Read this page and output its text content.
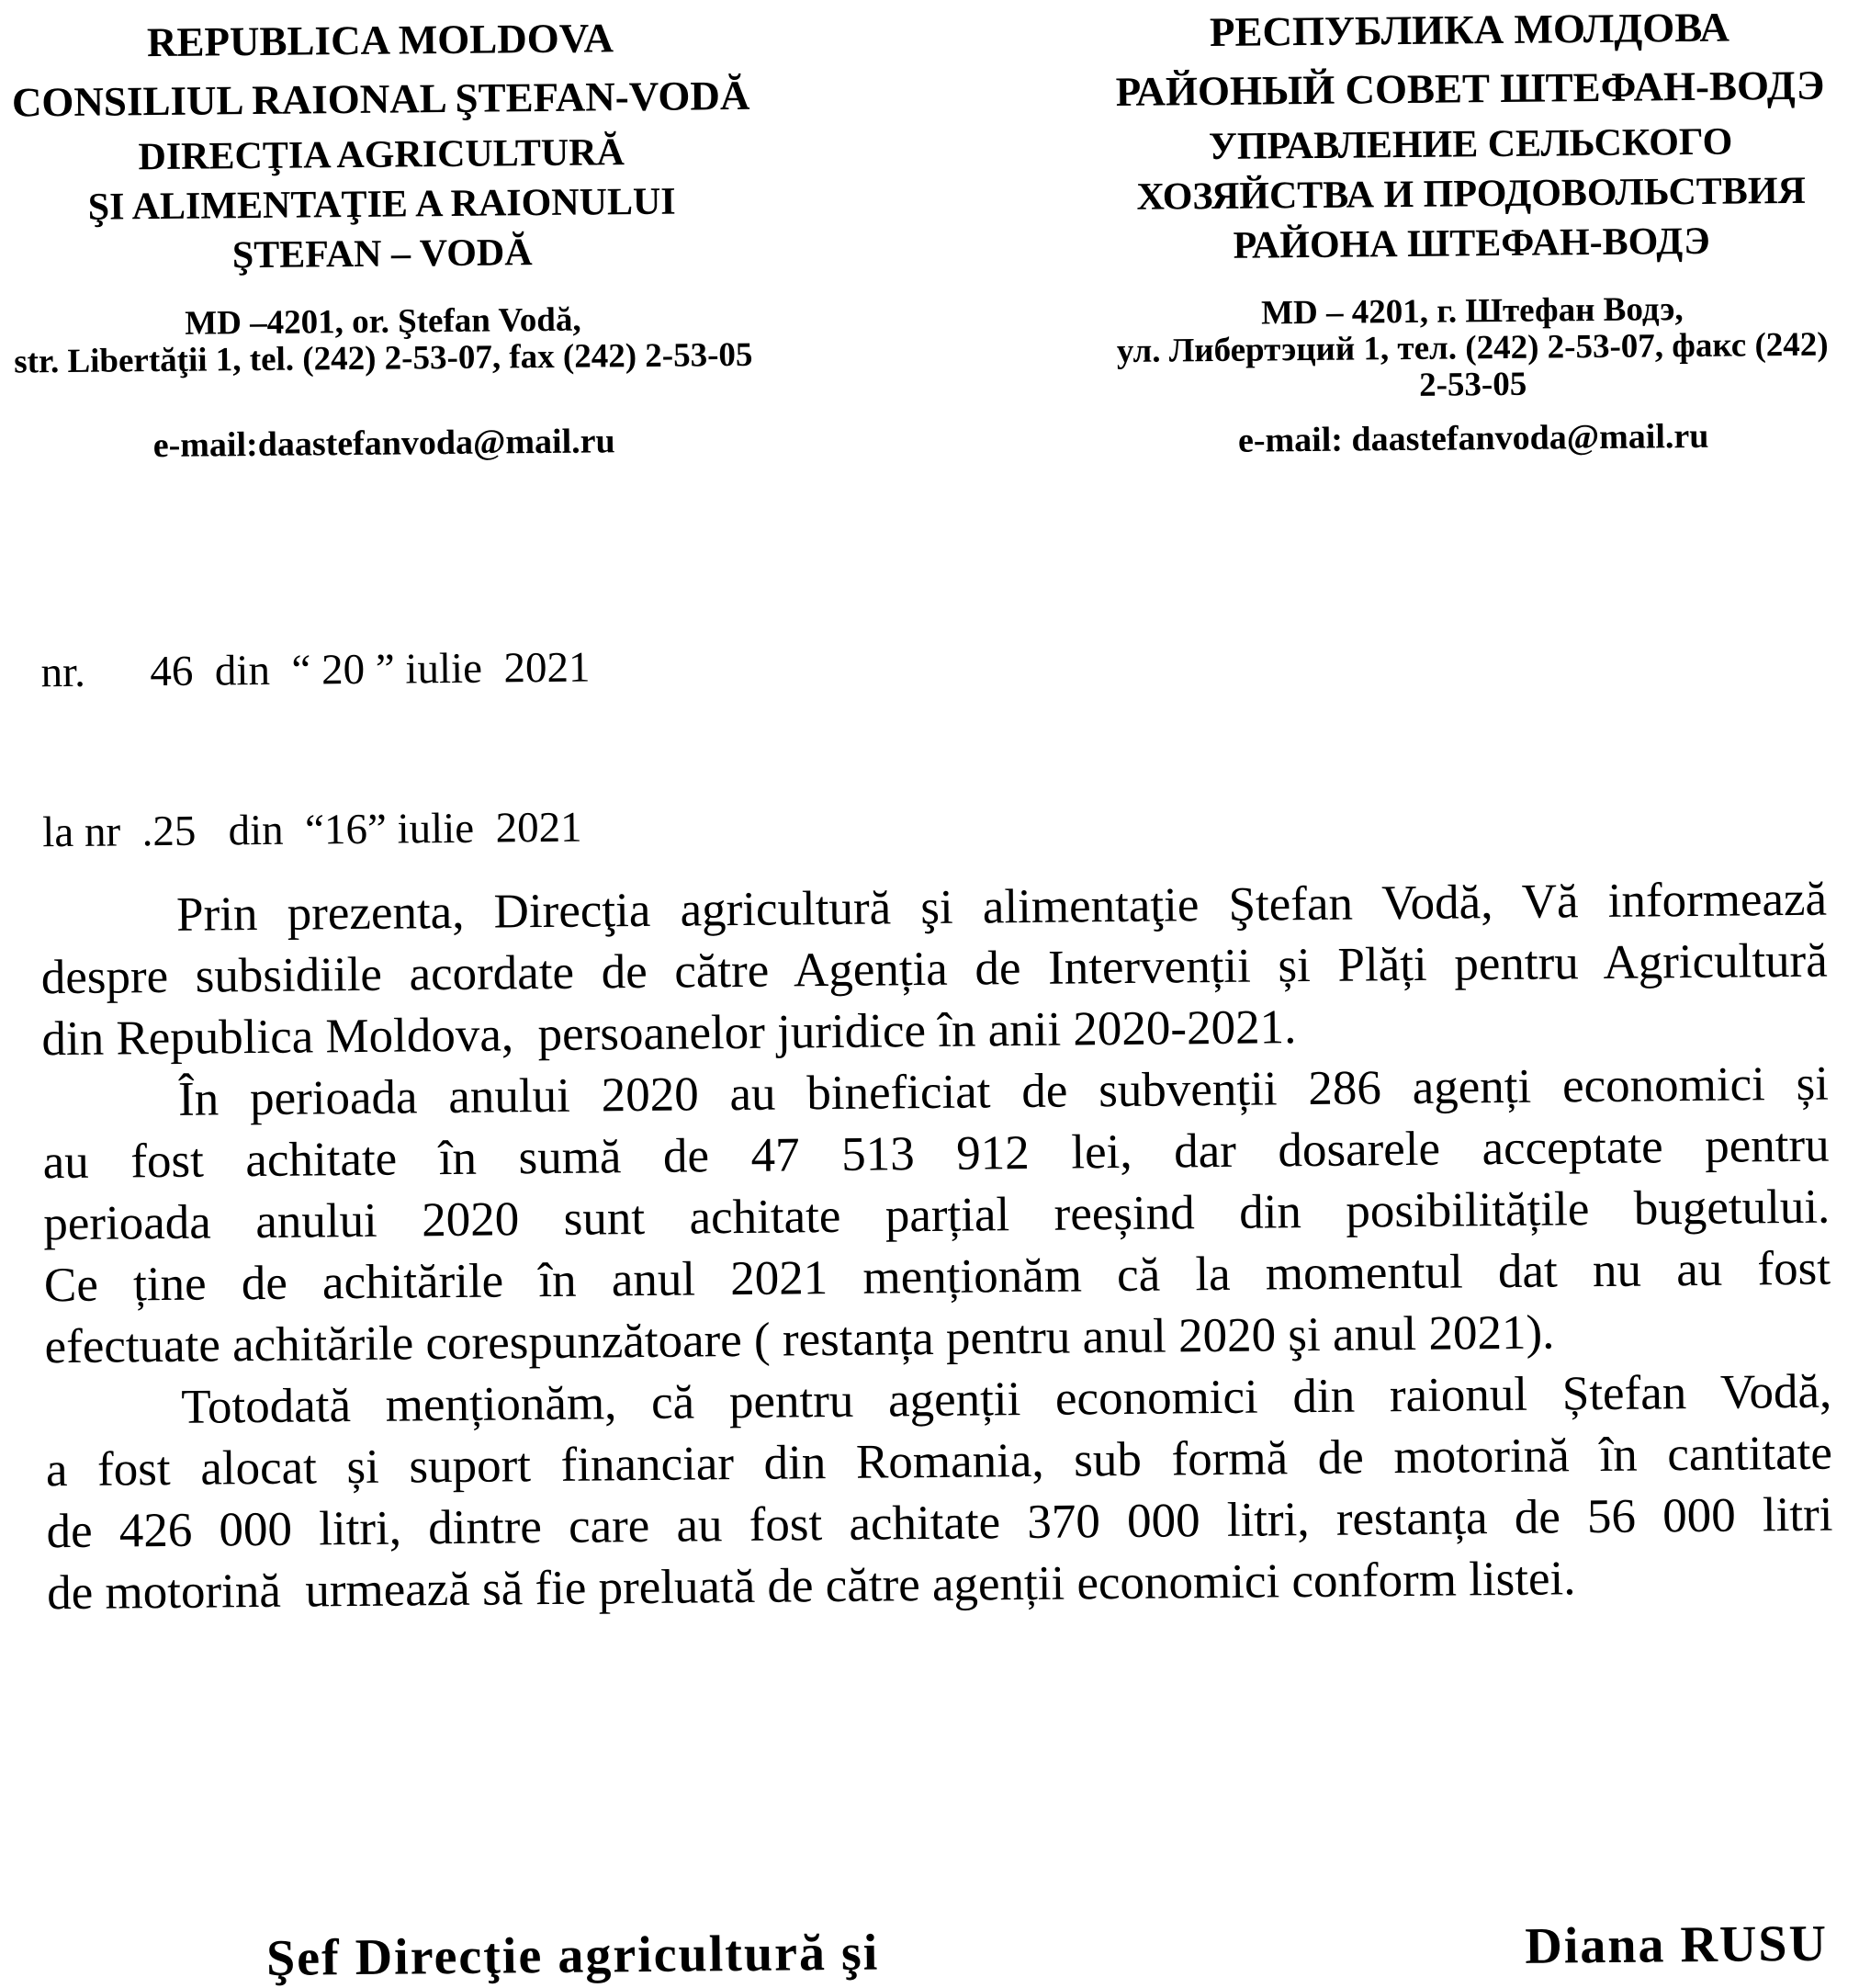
REPUBLICA MOLDOVA
CONSILIUL RAIONAL ŞTEFAN-VODĂ
DIRECŢIA AGRICULTURĂ
ŞI ALIMENTAŢIE A RAIONULUI
ŞTEFAN – VODĂ
MD –4201, or. Ştefan Vodă,
str. Libertăţii 1, tel. (242) 2-53-07, fax (242) 2-53-05
e-mail:daastefanvoda@mail.ru
РЕСПУБЛИКА МОЛДОВА
РАЙОНЫЙ СОВЕТ ШТЕФАН-ВОДЭ
УПРАВЛЕНИЕ СЕЛЬСКОГО
ХОЗЯЙСТВА И ПРОДОВОЛЬСТВИЯ
РАЙОНА ШТЕФАН-ВОДЭ
MD – 4201, г. Штефан Водэ,
ул. Либертэций 1, тел. (242) 2-53-07, факс (242)
2-53-05
e-mail: daastefanvoda@mail.ru

nr.      46  din  “ 20 ” iulie  2021

la nr  .25   din  “16” iulie  2021

Prin prezenta, Direcţia agricultură şi alimentaţie Ştefan Vodă, Vă informează
despre subsidiile acordate de către Agenția de Intervenții și Plăți pentru Agricultură
din Republica Moldova,  persoanelor juridice în anii 2020-2021.
În perioada anului 2020 au bineficiat de subvenții 286 agenți economici și
au fost achitate în sumă de 47 513 912 lei, dar dosarele acceptate pentru
perioada anului 2020 sunt achitate parțial reeșind din posibilitățile bugetului.
Ce ține de achitările în anul 2021 menționăm că la momentul dat nu au fost
efectuate achitările corespunzătoare ( restanța pentru anul 2020 şi anul 2021).
Totodată menționăm, că pentru agenții economici din raionul Ștefan Vodă,
a fost alocat și suport financiar din Romania, sub formă de motorină în cantitate
de 426 000 litri, dintre care au fost achitate 370 000 litri, restanța de 56 000 litri
de motorină  urmează să fie preluată de către agenții economici conform listei.
Şef Direcţie agricultură şi	Diana RUSU
